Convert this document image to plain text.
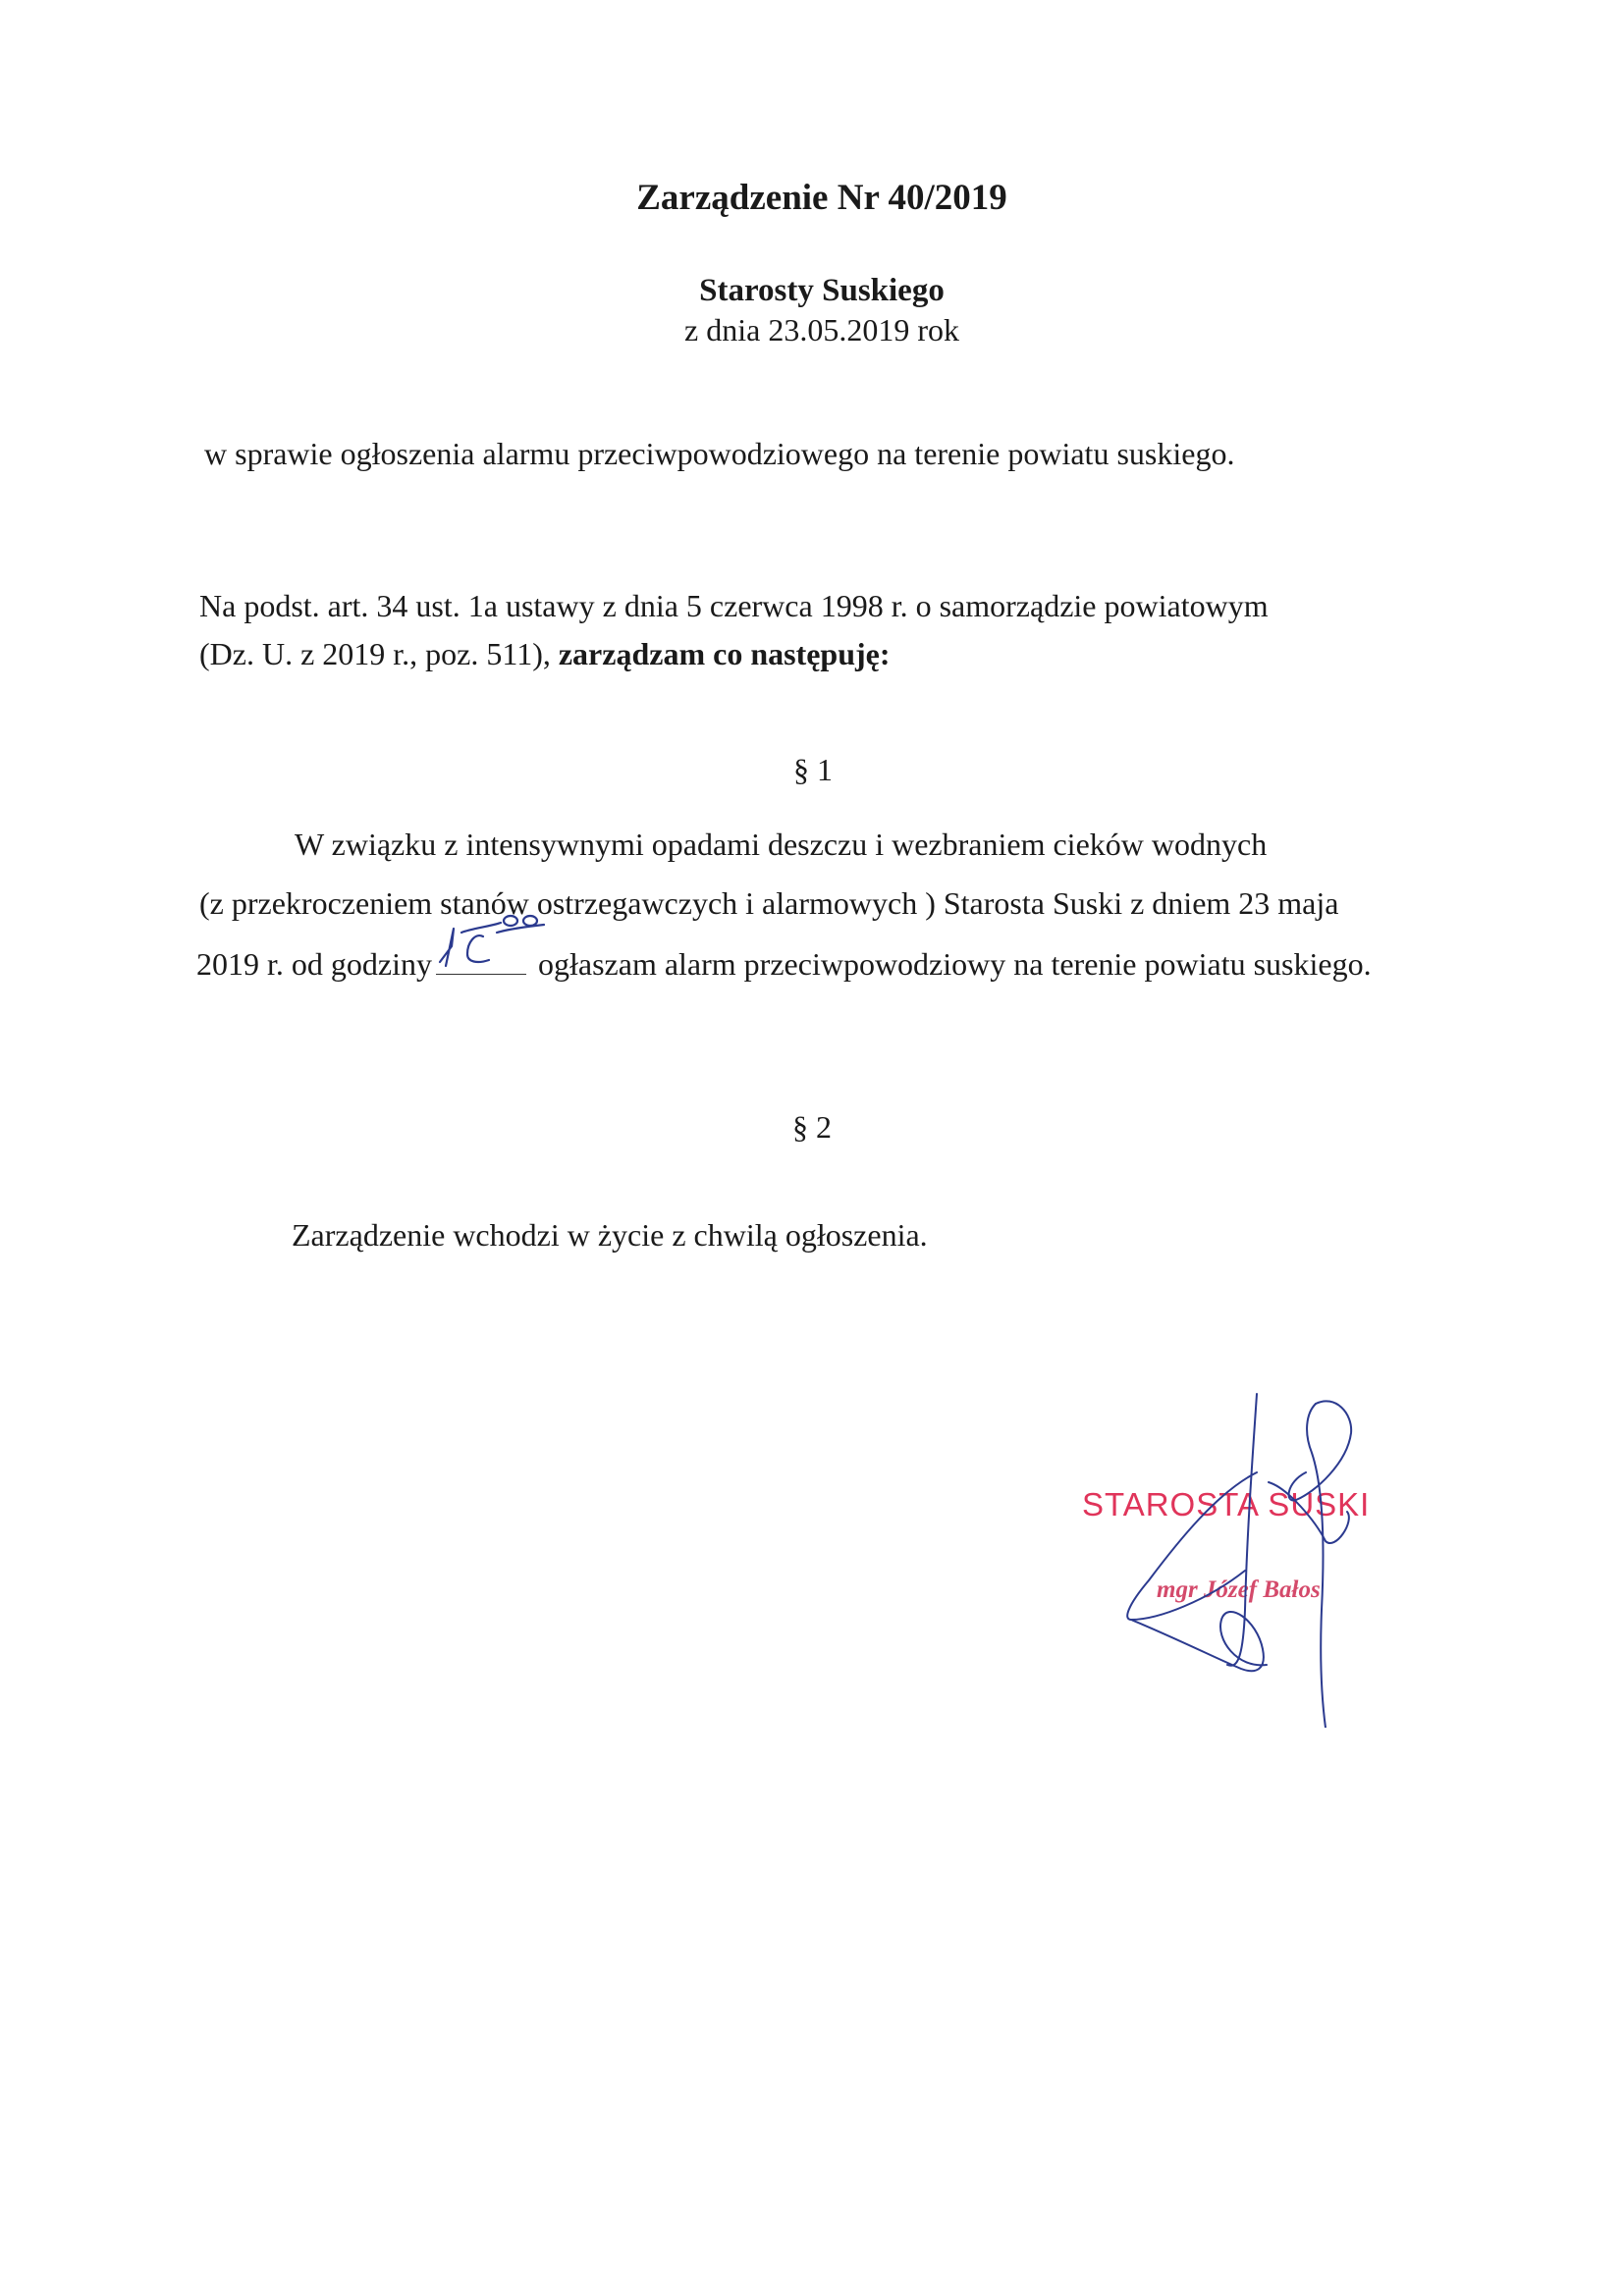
Zarządzenie Nr 40/2019
Starosty Suskiego
z dnia 23.05.2019 rok
w sprawie ogłoszenia alarmu przeciwpowodziowego na terenie powiatu suskiego.
Na podst. art. 34 ust. 1a ustawy z dnia 5 czerwca 1998 r. o samorządzie powiatowym
(Dz. U. z 2019 r., poz. 511), zarządzam co następuję:
§ 1
W związku z intensywnymi opadami deszczu i wezbraniem cieków wodnych
(z przekroczeniem stanów ostrzegawczych i alarmowych ) Starosta Suski z dniem 23 maja
2019 r. od godziny	ogłaszam alarm przeciwpowodziowy na terenie powiatu suskiego.
§ 2
Zarządzenie wchodzi w życie z chwilą ogłoszenia.
STAROSTA SUSKI
mgr Józef Bałos
